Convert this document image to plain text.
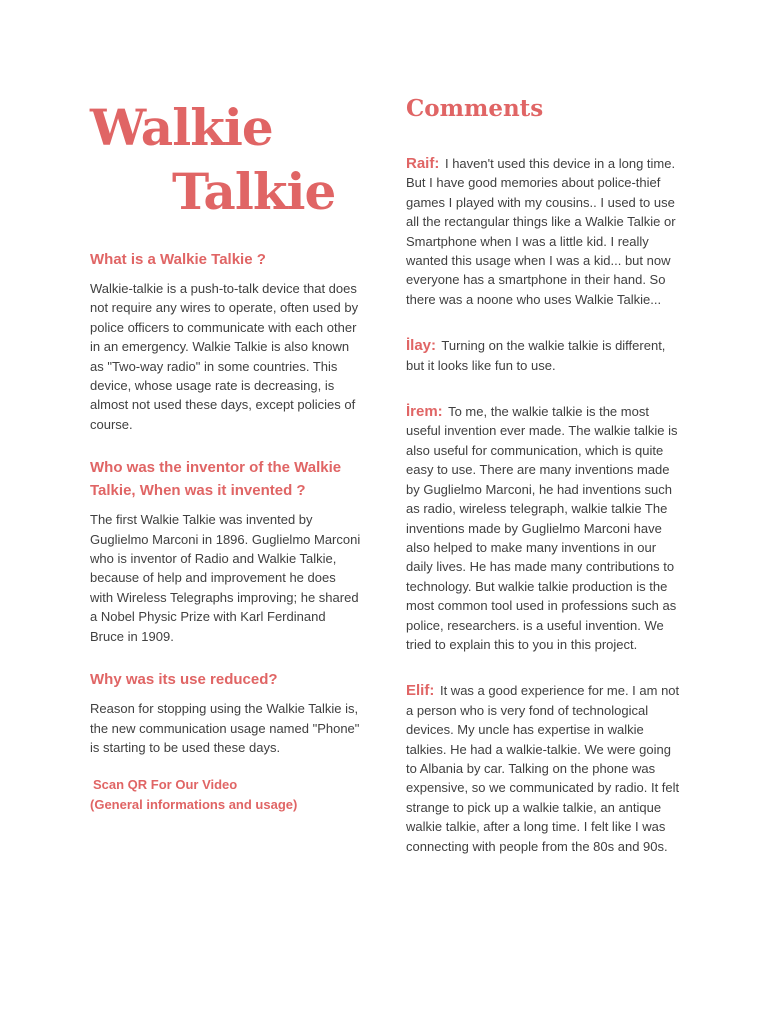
Walkie
Talkie
What is a Walkie Talkie ?

Walkie-talkie is a push-to-talk device that does not require any wires to operate, often used by police officers to communicate with each other in an emergency. Walkie Talkie is also known as "Two-way radio" in some countries. This device, whose usage rate is decreasing, is almost not used these days, except policies of course.

Who was the inventor of the Walkie Talkie, When was it invented ?

The first Walkie Talkie was invented by Guglielmo Marconi in 1896. Guglielmo Marconi who is inventor of Radio and Walkie Talkie, because of help and improvement he does with Wireless Telegraphs improving; he shared a Nobel Physic Prize with Karl Ferdinand Bruce in 1909.

Why was its use reduced?

Reason for stopping using the Walkie Talkie is, the new communication usage named "Phone" is starting to be used these days.

Scan QR For Our Video
(General informations and usage)
Comments
Raif: I haven't used this device in a long time. But I have good memories about police-thief games I played with my cousins.. I used to use all the rectangular things like a Walkie Talkie or Smartphone when I was a little kid. I really wanted this usage when I was a kid... but now everyone has a smartphone in their hand. So there was a noone who uses Walkie Talkie...
İlay: Turning on the walkie talkie is different, but it looks like fun to use.
İrem: To me, the walkie talkie is the most useful invention ever made. The walkie talkie is also useful for communication, which is quite easy to use. There are many inventions made by Guglielmo Marconi, he had inventions such as radio, wireless telegraph, walkie talkie The inventions made by Guglielmo Marconi have also helped to make many inventions in our daily lives. He has made many contributions to technology. But walkie talkie production is the most common tool used in professions such as police, researchers. is a useful invention. We tried to explain this to you in this project.
Elif: It was a good experience for me. I am not a person who is very fond of technological devices. My uncle has expertise in walkie talkies. He had a walkie-talkie. We were going to Albania by car. Talking on the phone was expensive, so we communicated by radio. It felt strange to pick up a walkie talkie, an antique walkie talkie, after a long time. I felt like I was connecting with people from the 80s and 90s.
